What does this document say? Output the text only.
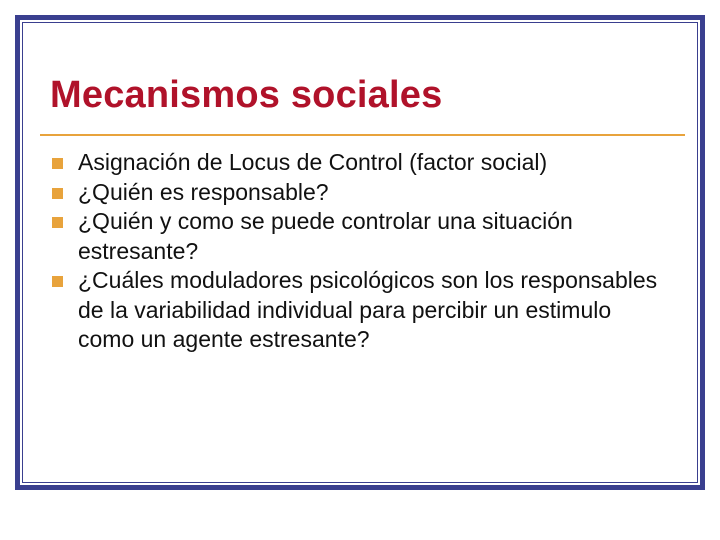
Mecanismos sociales
Asignación de Locus de Control (factor social)
¿Quién es responsable?
¿Quién y como se puede controlar una situación estresante?
¿Cuáles moduladores psicológicos son los responsables de la variabilidad individual para percibir un estimulo como un agente estresante?
